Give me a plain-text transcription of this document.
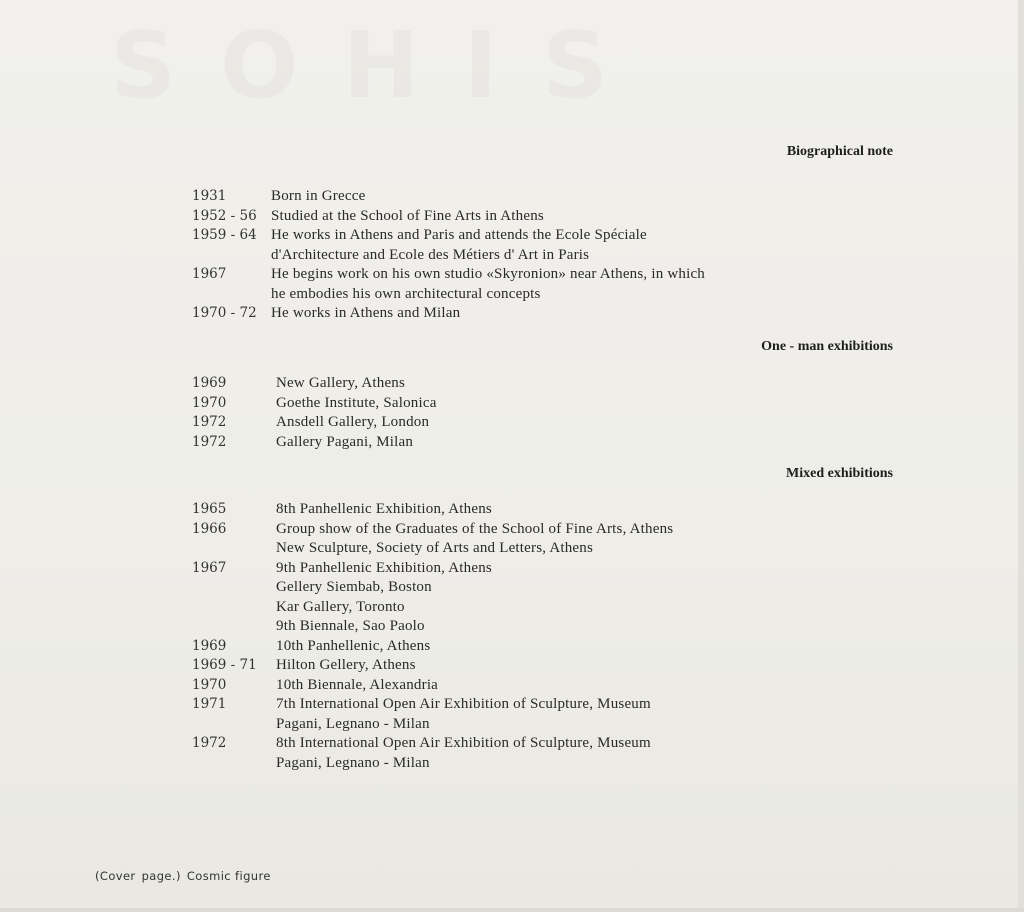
Biographical note
1931	Born in Grecce
1952 - 56 Studied at the School of Fine Arts in Athens
1959 - 64 He works in Athens and Paris and attends the Ecole Spéciale
d'Architecture and Ecole des Métiers d' Art in Paris
1967	He begins work on his own studio «Skyronion» near Athens, in which
he embodies his own architectural concepts
1970 - 72 He works in Athens and Milan
One - man exhibitions
1969	New Gallery, Athens
1970	Goethe Institute, Salonica
1972	Ansdell Gallery, London
1972	Gallery Pagani, Milan
Mixed exhibitions
1965	8th Panhellenic Exhibition, Athens
1966	Group show of the Graduates of the School of Fine Arts, Athens
New Sculpture, Society of Arts and Letters, Athens
1967	9th Panhellenic Exhibition, Athens
Gellery Siembab, Boston
Kar Gallery, Toronto
9th Biennale, Sao Paolo
1969	10th Panhellenic, Athens
1969 - 71 Hilton Gellery, Athens
1970	10th Biennale, Alexandria
1971	7th International Open Air Exhibition of Sculpture, Museum
Pagani, Legnano - Milan
1972	8th International Open Air Exhibition of Sculpture, Museum
Pagani, Legnano - Milan
(Cover page.) Cosmic figure
